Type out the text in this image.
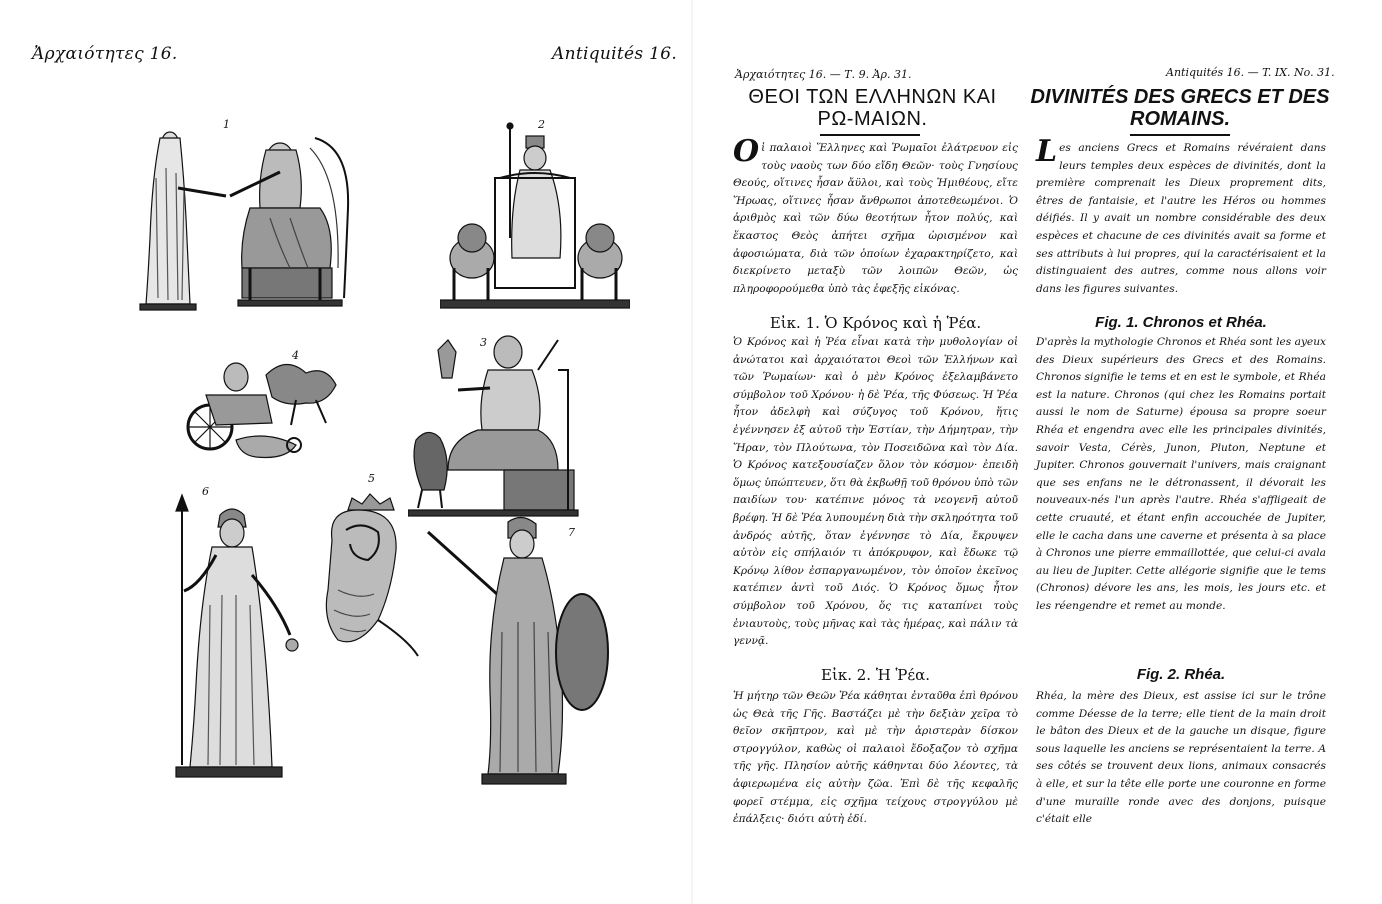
Ἀρχαιότητες 16.	Antiquités 16.
1	2
4
3
6
5
7
Ἀρχαιότητες 16. — Τ. 9. Ἀρ. 31.	Antiquités 16. — T. IX. No. 31.
ΘΕΟΙ ΤΩΝ ΕΛΛΗΝΩΝ ΚΑΙ ΡΩ-ΜΑΙΩΝ.
DIVINITÉS DES GRECS ET DES ROMAINS.
Οἱ παλαιοὶ Ἕλληνες καὶ Ῥωμαῖοι ἐλάτρευον εἰς τοὺς ναοὺς των δύο εἴδη Θεῶν· τοὺς Γνησίους Θεούς, οἵτινες ἦσαν ἄϋλοι, καὶ τοὺς Ἡμιθέους, εἴτε Ἥρωας, οἵτινες ἦσαν ἄνθρωποι ἀποτεθεωμένοι. Ὁ ἀριθμὸς καὶ τῶν δύω θεοτήτων ἦτον πολύς, καὶ ἕκαστος Θεὸς ἀπήτει σχῆμα ὡρισμένον καὶ ἀφοσιώματα, διὰ τῶν ὁποίων ἐχαρακτηρίζετο, καὶ διεκρίνετο μεταξὺ τῶν λοιπῶν Θεῶν, ὡς πληροφορούμεθα ὑπὸ τὰς ἐφεξῆς εἰκόνας.
Εἰκ. 1. Ὁ Κρόνος καὶ ἡ Ῥέα.
Ὁ Κρόνος καὶ ἡ Ῥέα εἶναι κατὰ τὴν μυθολογίαν οἱ ἀνώτατοι καὶ ἀρχαιότατοι Θεοὶ τῶν Ἑλλήνων καὶ τῶν Ῥωμαίων· καὶ ὁ μὲν Κρόνος ἐξελαμβάνετο σύμβολον τοῦ Χρόνου· ἡ δὲ Ῥέα, τῆς Φύσεως. Ἡ Ῥέα ἦτον ἀδελφὴ καὶ σύζυγος τοῦ Κρόνου, ἥτις ἐγέννησεν ἐξ αὐτοῦ τὴν Ἑστίαν, τὴν Δήμητραν, τὴν Ἥραν, τὸν Πλούτωνα, τὸν Ποσειδῶνα καὶ τὸν Δία. Ὁ Κρόνος κατεξουσίαζεν ὅλον τὸν κόσμον· ἐπειδὴ ὅμως ὑπώπτευεν, ὅτι θὰ ἐκβωθῇ τοῦ θρόνου ὑπὸ τῶν παιδίων του· κατέπινε μόνος τὰ νεογενῆ αὐτοῦ βρέφη. Ἡ δὲ Ῥέα λυπουμένη διὰ τὴν σκληρότητα τοῦ ἀνδρός αὐτῆς, ὅταν ἐγέννησε τὸ Δία, ἔκρυψεν αὐτὸν εἰς σπήλαιόν τι ἀπόκρυφον, καὶ ἔδωκε τῷ Κρόνῳ λίθον ἐσπαργανωμένον, τὸν ὁποῖον ἐκεῖνος κατέπιεν ἀντὶ τοῦ Διός. Ὁ Κρόνος ὅμως ἦτον σύμβολον τοῦ Χρόνου, ὅς τις καταπίνει τοὺς ἐνιαυτοὺς, τοὺς μῆνας καὶ τὰς ἡμέρας, καὶ πάλιν τὰ γεννᾷ.
Εἰκ. 2. Ἡ Ῥέα.
Ἡ μήτηρ τῶν Θεῶν Ῥέα κάθηται ἐνταῦθα ἐπὶ θρόνου ὡς Θεὰ τῆς Γῆς. Βαστάζει μὲ τὴν δεξιὰν χεῖρα τὸ θεῖον σκῆπτρον, καὶ μὲ τὴν ἀριστερὰν δίσκον στρογγύλον, καθὼς οἱ παλαιοὶ ἔδοξαζον τὸ σχῆμα τῆς γῆς. Πλησίον αὐτῆς κάθηνται δύο λέοντες, τὰ ἀφιερωμένα εἰς αὐτὴν ζῶα. Ἐπὶ δὲ τῆς κεφαλῆς φορεῖ στέμμα, εἰς σχῆμα τείχους στρογγύλου μὲ ἐπάλξεις· διότι αὐτὴ ἐδί.
Les anciens Grecs et Romains révéraient dans leurs temples deux espèces de divinités, dont la première comprenait les Dieux proprement dits, êtres de fantaisie, et l'autre les Héros ou hommes déifiés. Il y avait un nombre considérable des deux espèces et chacune de ces divinités avait sa forme et ses attributs à lui propres, qui la caractérisaient et la distinguaient des autres, comme nous allons voir dans les figures suivantes.
Fig. 1. Chronos et Rhéa.
D'après la mythologie Chronos et Rhéa sont les ayeux des Dieux supérieurs des Grecs et des Romains. Chronos signifie le tems et en est le symbole, et Rhéa est la nature. Chronos (qui chez les Romains portait aussi le nom de Saturne) épousa sa propre soeur Rhéa et engendra avec elle les principales divinités, savoir Vesta, Cérès, Junon, Pluton, Neptune et Jupiter. Chronos gouvernait l'univers, mais craignant que ses enfans ne le détronassent, il dévorait les nouveaux-nés l'un après l'autre. Rhéa s'affligeait de cette cruauté, et étant enfin accouchée de Jupiter, elle le cacha dans une caverne et présenta à sa place à Chronos une pierre emmaillottée, que celui-ci avala au lieu de Jupiter. Cette allégorie signifie que le tems (Chronos) dévore les ans, les mois, les jours etc. et les réengendre et remet au monde.
Fig. 2. Rhéa.
Rhéa, la mère des Dieux, est assise ici sur le trône comme Déesse de la terre; elle tient de la main droit le bâton des Dieux et de la gauche un disque, figure sous laquelle les anciens se représentaient la terre. A ses côtés se trouvent deux lions, animaux consacrés à elle, et sur la tête elle porte une couronne en forme d'une muraille ronde avec des donjons, puisque c'était elle
